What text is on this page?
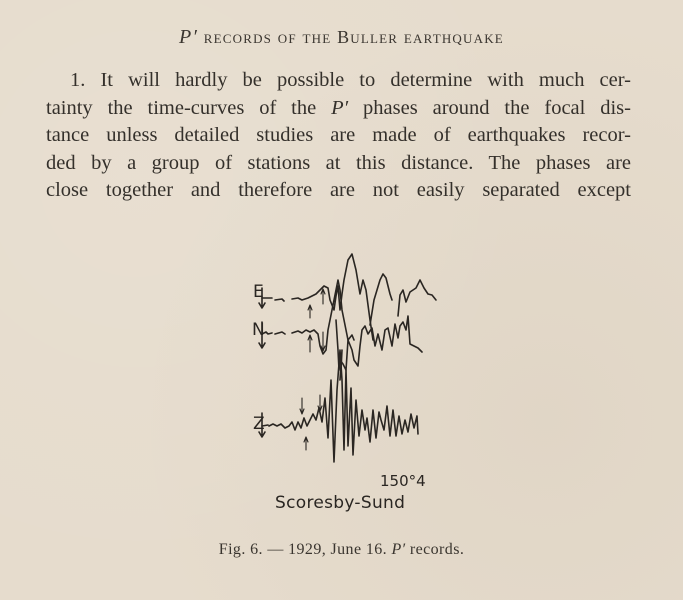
P′ records of the Buller earthquake
1. It will hardly be possible to determine with much cer-
tainty the time-curves of the P′ phases around the focal dis-
tance unless detailed studies are made of earthquakes recor-
ded by a group of stations at this distance. The phases are
close together and therefore are not easily separated except
E
N
Z
150°4
Scoresby-Sund
Fig. 6. — 1929, June 16. P′ records.
